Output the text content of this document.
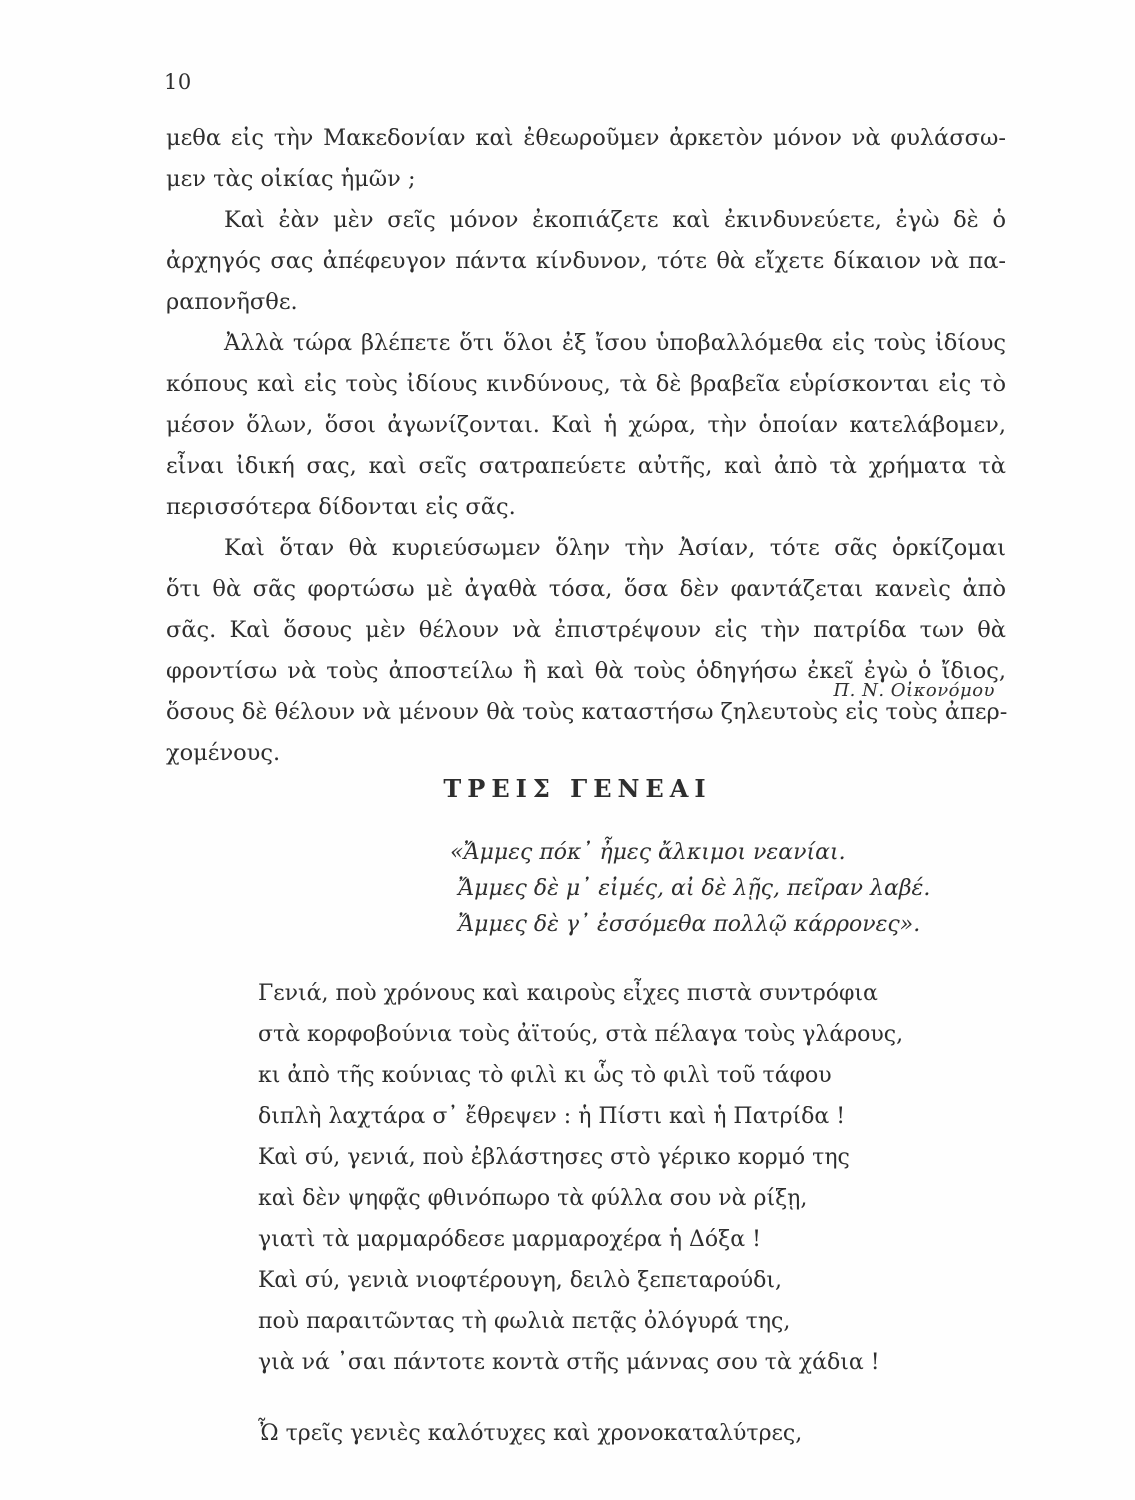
10
μεθα εἰς τὴν Μακεδονίαν καὶ ἐθεωροῦμεν ἀρκετὸν μόνον νὰ φυλάσσω-
μεν τὰς οἰκίας ἡμῶν ;
Καὶ ἐὰν μὲν σεῖς μόνον ἐκοπιάζετε καὶ ἐκινδυνεύετε, ἐγὼ δὲ ὁ
ἀρχηγός σας ἀπέφευγον πάντα κίνδυνον, τότε θὰ εἴχετε δίκαιον νὰ πα-
ραπονῆσθε.
Ἀλλὰ τώρα βλέπετε ὅτι ὅλοι ἐξ ἴσου ὑποβαλλόμεθα εἰς τοὺς ἰδίους
κόπους καὶ εἰς τοὺς ἰδίους κινδύνους, τὰ δὲ βραβεῖα εὑρίσκονται εἰς τὸ
μέσον ὅλων, ὅσοι ἀγωνίζονται. Καὶ ἡ χώρα, τὴν ὁποίαν κατελάβομεν,
εἶναι ἰδική σας, καὶ σεῖς σατραπεύετε αὐτῆς, καὶ ἀπὸ τὰ χρήματα τὰ
περισσότερα δίδονται εἰς σᾶς.
Καὶ ὅταν θὰ κυριεύσωμεν ὅλην τὴν Ἀσίαν, τότε σᾶς ὁρκίζομαι
ὅτι θὰ σᾶς φορτώσω μὲ ἀγαθὰ τόσα, ὅσα δὲν φαντάζεται κανεὶς ἀπὸ
σᾶς. Καὶ ὅσους μὲν θέλουν νὰ ἐπιστρέψουν εἰς τὴν πατρίδα των θὰ
φροντίσω νὰ τοὺς ἀποστείλω ἢ καὶ θὰ τοὺς ὁδηγήσω ἐκεῖ ἐγὼ ὁ ἴδιος,
ὅσους δὲ θέλουν νὰ μένουν θὰ τοὺς καταστήσω ζηλευτοὺς εἰς τοὺς ἀπερ-
χομένους.
Π. Ν. Οἰκονόμου
ΤΡΕΙΣ ΓΕΝΕΑΙ
«Ἄμμες πόκ᾽ ἦμες ἄλκιμοι νεανίαι.
Ἄμμες δὲ μ᾽ εἰμές, αἰ δὲ λῇς, πεῖραν λαβέ.
Ἄμμες δὲ γ᾽ ἐσσόμεθα πολλῷ κάρρονες».
Γενιά, ποὺ χρόνους καὶ καιροὺς εἶχες πιστὰ συντρόφια
στὰ κορφοβούνια τοὺς ἀϊτούς, στὰ πέλαγα τοὺς γλάρους,
κι ἀπὸ τῆς κούνιας τὸ φιλὶ κι ὧς τὸ φιλὶ τοῦ τάφου
διπλὴ λαχτάρα σ᾽ ἔθρεψεν : ἡ Πίστι καὶ ἡ Πατρίδα !
Καὶ σύ, γενιά, ποὺ ἐβλάστησες στὸ γέρικο κορμό της
καὶ δὲν ψηφᾷς φθινόπωρο τὰ φύλλα σου νὰ ρίξῃ,
γιατὶ τὰ μαρμαρόδεσε μαρμαροχέρα ἡ Δόξα !
Καὶ σύ, γενιὰ νιοφτέρουγη, δειλὸ ξεπεταρούδι,
ποὺ παραιτῶντας τὴ φωλιὰ πετᾷς ὀλόγυρά της,
γιὰ νά ᾽σαι πάντοτε κοντὰ στῆς μάννας σου τὰ χάδια !
Ὦ τρεῖς γενιὲς καλότυχες καὶ χρονοκαταλύτρες,
